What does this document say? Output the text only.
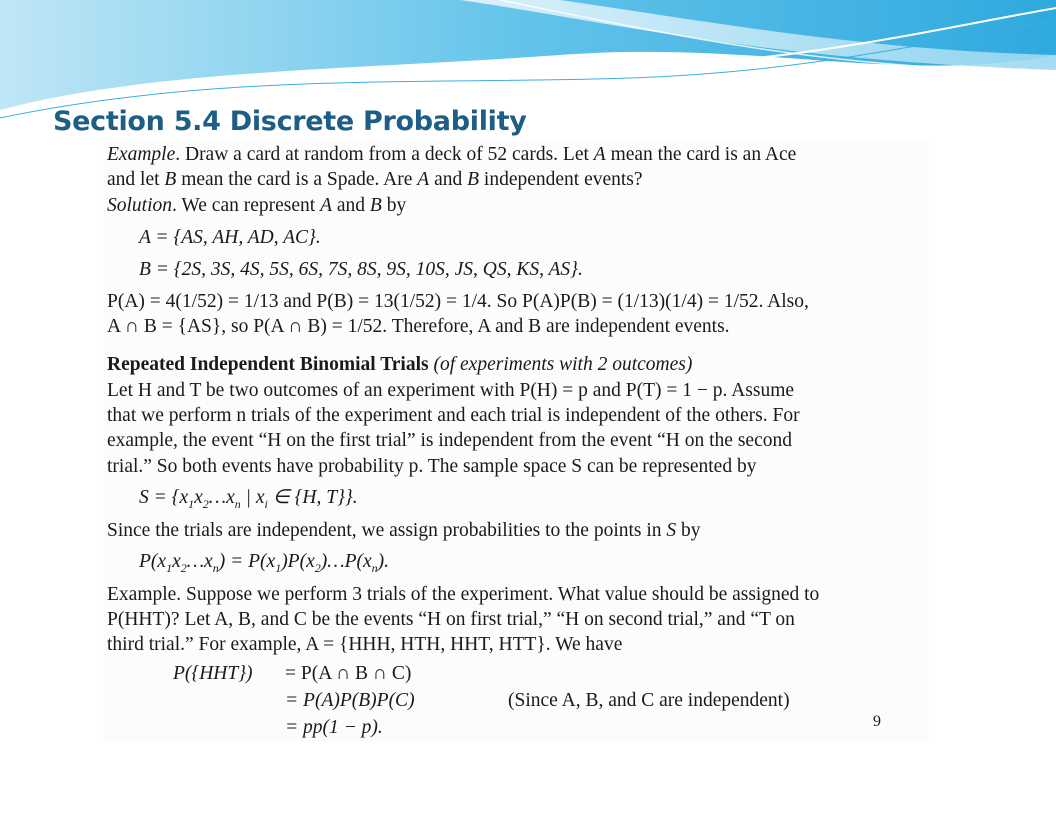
Section 5.4 Discrete Probability
Example. Draw a card at random from a deck of 52 cards. Let A mean the card is an Ace
and let B mean the card is a Spade. Are A and B independent events?
Solution. We can represent A and B by
A = {AS, AH, AD, AC}.
B = {2S, 3S, 4S, 5S, 6S, 7S, 8S, 9S, 10S, JS, QS, KS, AS}.
P(A) = 4(1/52) = 1/13 and P(B) = 13(1/52) = 1/4. So P(A)P(B) = (1/13)(1/4) = 1/52. Also,
A ∩ B = {AS}, so P(A ∩ B) = 1/52. Therefore, A and B are independent events.
Repeated Independent Binomial Trials (of experiments with 2 outcomes)
Let H and T be two outcomes of an experiment with P(H) = p and P(T) = 1 − p. Assume
that we perform n trials of the experiment and each trial is independent of the others. For
example, the event “H on the first trial” is independent from the event “H on the second
trial.” So both events have probability p. The sample space S can be represented by
$S = \{x_1x_2\dots x_n$ | $x_i$ ∈ {H, T}}.
Since the trials are independent, we assign probabilities to the points in S by
$P(x_1x_2\dots x_n)$ = $P(x_1)P(x_2)\dots P(x_n)$.
Example. Suppose we perform 3 trials of the experiment. What value should be assigned to
P(HHT)? Let A, B, and C be the events “H on first trial,” “H on second trial,” and “T on
third trial.” For example, A = {HHH, HTH, HHT, HTT}. We have
P({HHT}) = P(A ∩ B ∩ C)
= P(A)P(B)P(C)	(Since A, B, and C are independent)
= pp(1 − p).	9
